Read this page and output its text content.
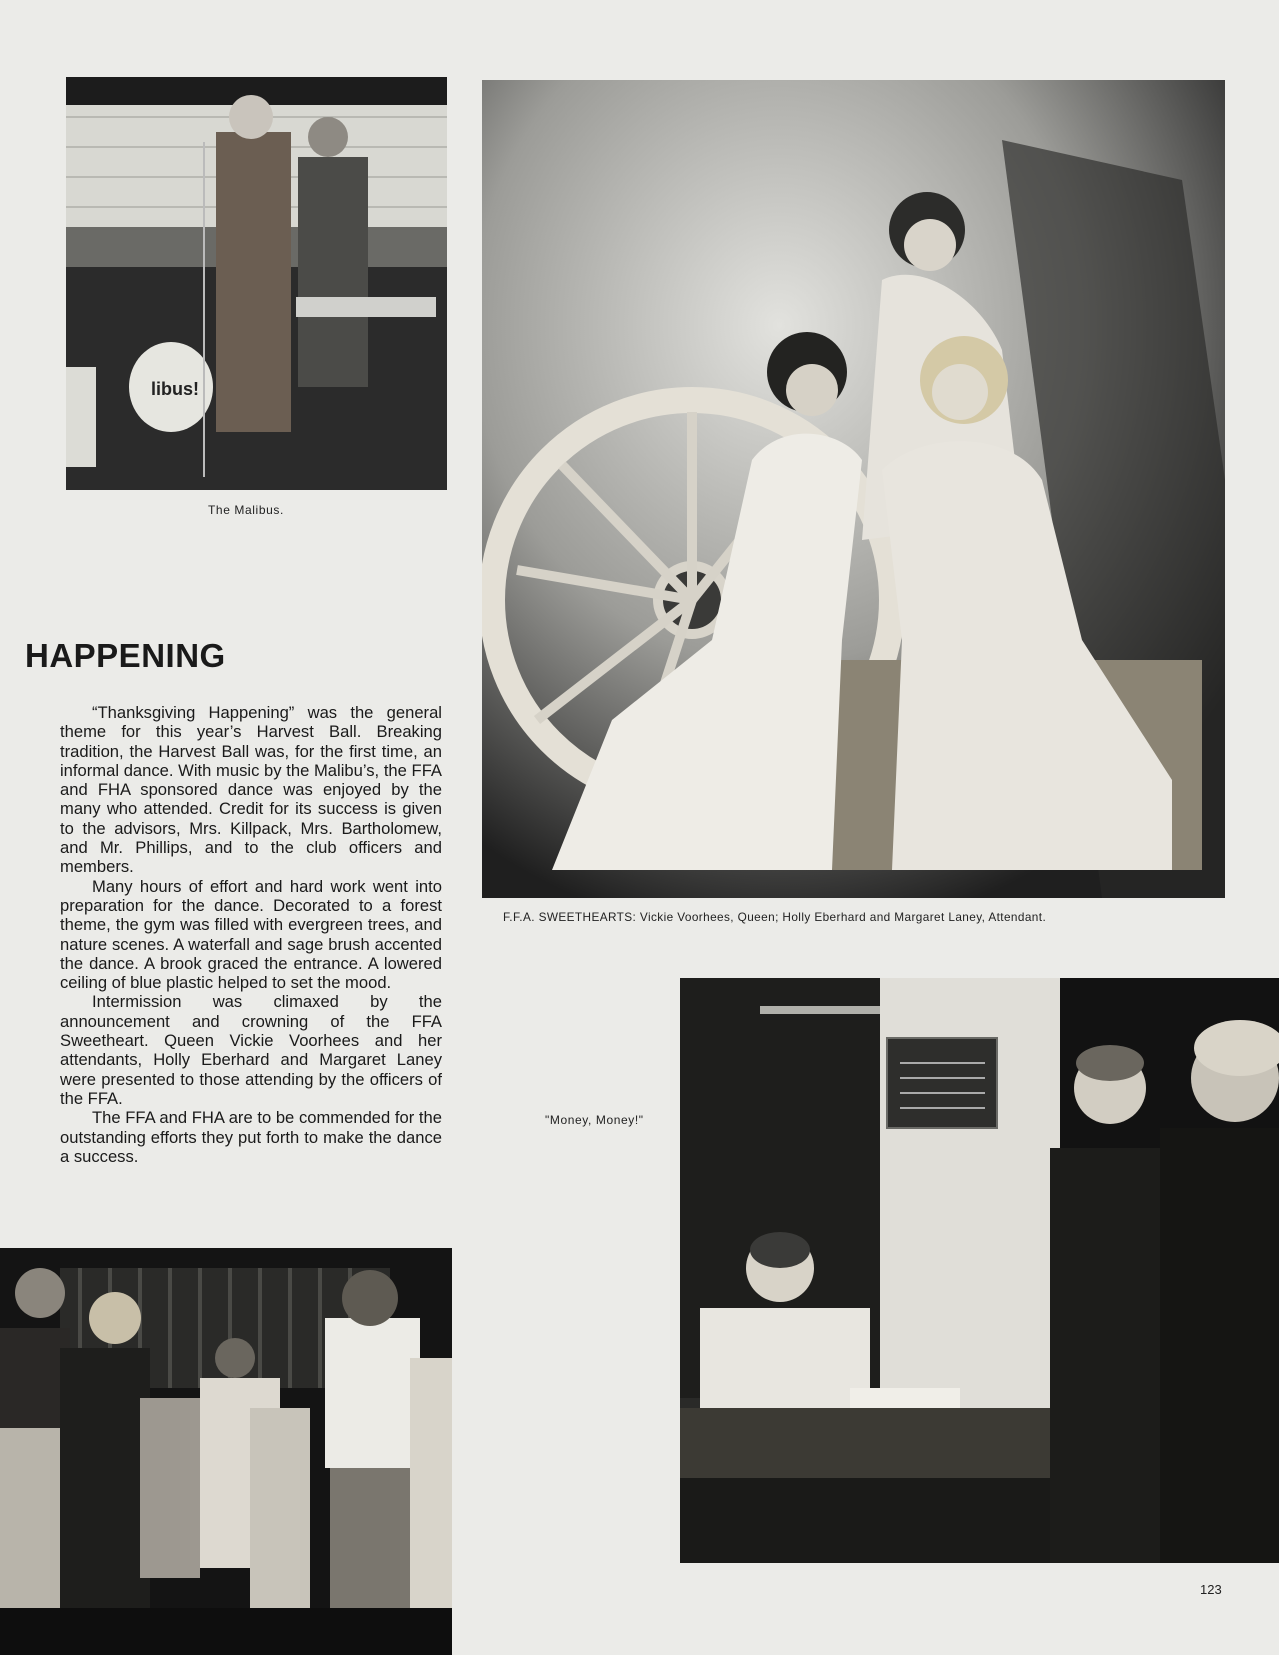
libus!
The Malibus.
F.F.A. SWEETHEARTS: Vickie Voorhees, Queen; Holly Eberhard and Margaret Laney, Attendant.
HAPPENING

“Thanksgiving Happening” was the general theme for this year’s Harvest Ball. Breaking tradition, the Harvest Ball was, for the first time, an informal dance. With music by the Malibu’s, the FFA and FHA sponsored dance was enjoyed by the many who attended. Credit for its success is given to the advisors, Mrs. Killpack, Mrs. Bartholomew, and Mr. Phillips, and to the club officers and members.

Many hours of effort and hard work went into preparation for the dance. Decorated to a forest theme, the gym was filled with evergreen trees, and nature scenes. A waterfall and sage brush accented the dance. A brook graced the entrance. A lowered ceiling of blue plastic helped to set the mood.

Intermission was climaxed by the announcement and crowning of the FFA Sweetheart. Queen Vickie Voorhees and her attendants, Holly Eberhard and Margaret Laney were presented to those attending by the officers of the FFA.

The FFA and FHA are to be commended for the outstanding efforts they put forth to make the dance a success.

"Money, Money!"
123
